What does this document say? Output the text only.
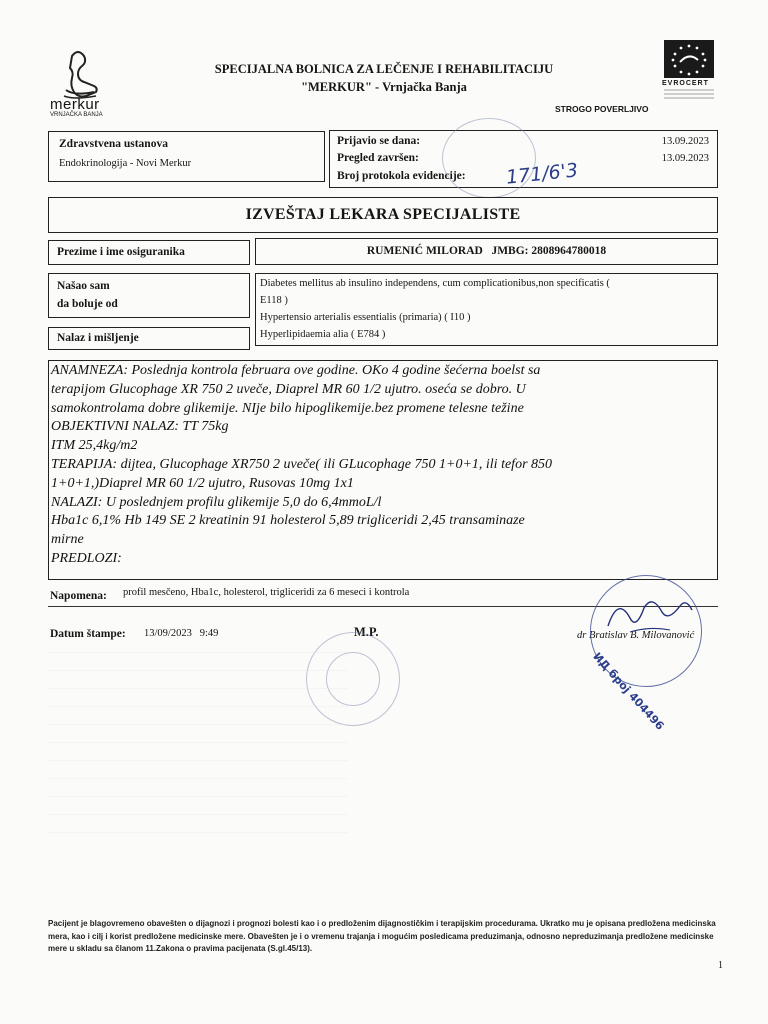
merkur
VRNJAČKA BANJA
SPECIJALNA BOLNICA ZA LEČENJE I REHABILITACIJU
"MERKUR" - Vrnjačka Banja	EVROCERT
STROGO POVERLJIVO
Zdravstvena ustanova
Endokrinologija - Novi Merkur
Prijavio se dana:	13.09.2023
Pregled završen:	13.09.2023
Broj protokola evidencije: 171/6'3
IZVEŠTAJ LEKARA SPECIJALISTE
Prezime i ime osiguranika	RUMENIĆ MILORAD   JMBG: 2808964780018
Našao sam
da boluje od
Nalaz i mišljenje
Diabetes mellitus ab insulino independens, cum complicationibus,non specificatis (
E118 )
Hypertensio arterialis essentialis (primaria) ( I10 )
Hyperlipidaemia alia ( E784 )
ANAMNEZA: Poslednja kontrola februara ove godine. OKo 4 godine šećerna boelst sa
terapijom Glucophage XR 750 2 uveče, Diaprel MR 60 1/2 ujutro. oseća se dobro. U
samokontrolama dobre glikemije. NIje bilo hipoglikemije.bez promene telesne težine
OBJEKTIVNI NALAZ: TT 75kg
ITM 25,4kg/m2
TERAPIJA: dijtea, Glucophage XR750 2 uveče( ili GLucophage 750 1+0+1, ili tefor 850
1+0+1,)Diaprel MR 60 1/2 ujutro, Rusovas 10mg 1x1
NALAZI: U poslednjem profilu glikemije 5,0 do 6,4mmoL/l
Hba1c 6,1% Hb 149 SE 2 kreatinin 91 holesterol 5,89 trigliceridi 2,45 transaminaze
mirne
PREDLOZI:
Napomena: profil mesčeno, Hba1c, holesterol, trigliceridi za 6 meseci i kontrola
Datum štampe: 13/09/2023   9:49	M.P.	dr Bratislav B. Milovanović
ИД број 404496
Pacijent je blagovremeno obavešten o dijagnozi i prognozi bolesti kao i o predloženim dijagnostičkim i terapijskim procedurama. Ukratko mu je opisana predložena medicinska mera, kao i cilj i korist predložene medicinske mere. Obavešten je i o vremenu trajanja i mogućim posledicama preduzimanja, odnosno nepreduzimanja predložene medicinske mere u skladu sa članom 11.Zakona o pravima pacijenata (S.gl.45/13).
1
